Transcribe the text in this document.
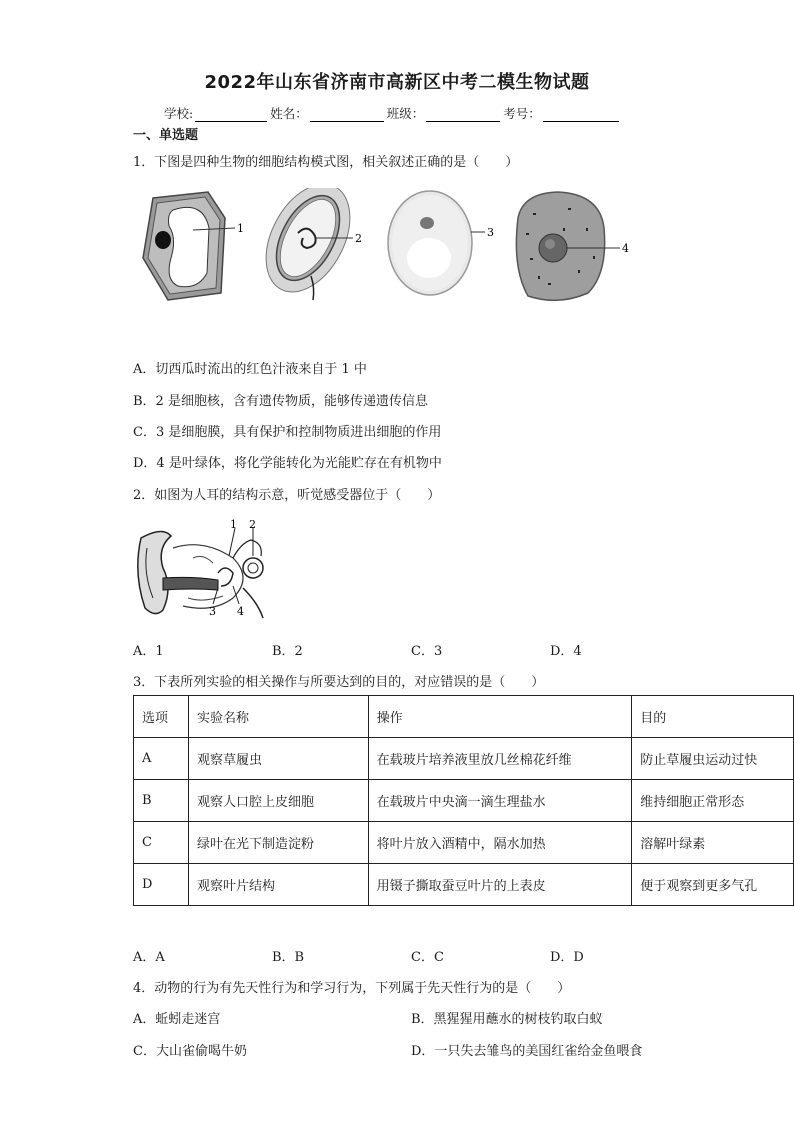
2022年山东省济南市高新区中考二模生物试题
学校:	姓名：	班级：	考号：
一、单选题
1．下图是四种生物的细胞结构模式图，相关叙述正确的是（　　）
1
2	3
4
A．切西瓜时流出的红色汁液来自于 1 中
B．2 是细胞核，含有遗传物质，能够传递遗传信息
C．3 是细胞膜，具有保护和控制物质进出细胞的作用
D．4 是叶绿体，将化学能转化为光能贮存在有机物中
2．如图为人耳的结构示意，听觉感受器位于（　　）
1 2
3 4
A．1	B．2	C．3	D．4
3．下表所列实验的相关操作与所要达到的目的，对应错误的是（　　）
选项	实验名称	操作	目的
A	观察草履虫	在载玻片培养液里放几丝棉花纤维	防止草履虫运动过快
B	观察人口腔上皮细胞	在载玻片中央滴一滴生理盐水	维持细胞正常形态
C	绿叶在光下制造淀粉	将叶片放入酒精中，隔水加热	溶解叶绿素
D	观察叶片结构	用镊子撕取蚕豆叶片的上表皮	便于观察到更多气孔
A．A	B．B	C．C	D．D
4．动物的行为有先天性行为和学习行为，下列属于先天性行为的是（　　）
A．蚯蚓走迷宫	B．黑猩猩用蘸水的树枝钓取白蚁
C．大山雀偷喝牛奶	D．一只失去雏鸟的美国红雀给金鱼喂食
